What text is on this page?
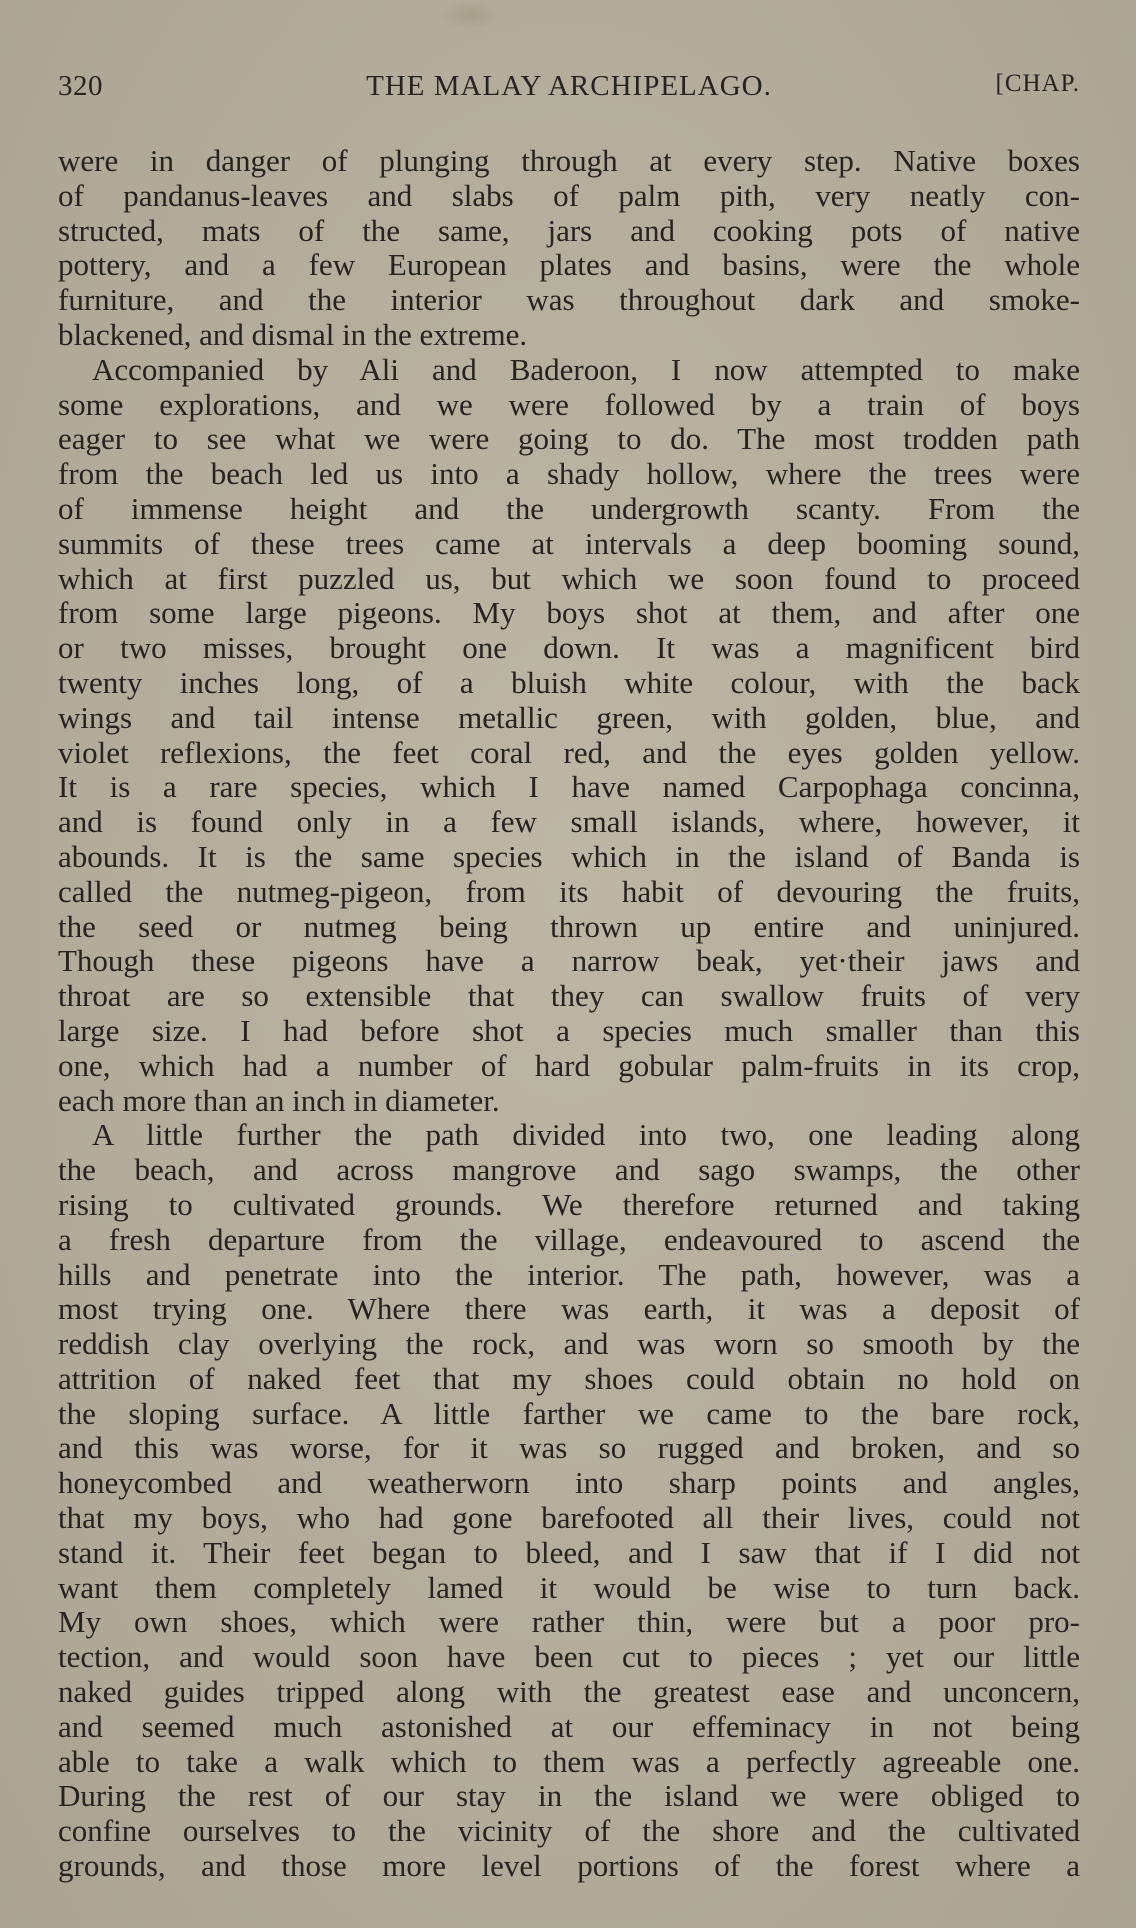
320	THE MALAY ARCHIPELAGO.	[CHAP.
were in danger of plunging through at every step. Native boxes
of pandanus-leaves and slabs of palm pith, very neatly con-
structed, mats of the same, jars and cooking pots of native
pottery, and a few European plates and basins, were the whole
furniture, and the interior was throughout dark and smoke-
blackened, and dismal in the extreme.
Accompanied by Ali and Baderoon, I now attempted to make
some explorations, and we were followed by a train of boys
eager to see what we were going to do. The most trodden path
from the beach led us into a shady hollow, where the trees were
of immense height and the undergrowth scanty. From the
summits of these trees came at intervals a deep booming sound,
which at first puzzled us, but which we soon found to proceed
from some large pigeons. My boys shot at them, and after one
or two misses, brought one down. It was a magnificent bird
twenty inches long, of a bluish white colour, with the back
wings and tail intense metallic green, with golden, blue, and
violet reflexions, the feet coral red, and the eyes golden yellow.
It is a rare species, which I have named Carpophaga concinna,
and is found only in a few small islands, where, however, it
abounds. It is the same species which in the island of Banda is
called the nutmeg-pigeon, from its habit of devouring the fruits,
the seed or nutmeg being thrown up entire and uninjured.
Though these pigeons have a narrow beak, yet·their jaws and
throat are so extensible that they can swallow fruits of very
large size. I had before shot a species much smaller than this
one, which had a number of hard gobular palm-fruits in its crop,
each more than an inch in diameter.
A little further the path divided into two, one leading along
the beach, and across mangrove and sago swamps, the other
rising to cultivated grounds. We therefore returned and taking
a fresh departure from the village, endeavoured to ascend the
hills and penetrate into the interior. The path, however, was a
most trying one. Where there was earth, it was a deposit of
reddish clay overlying the rock, and was worn so smooth by the
attrition of naked feet that my shoes could obtain no hold on
the sloping surface. A little farther we came to the bare rock,
and this was worse, for it was so rugged and broken, and so
honeycombed and weatherworn into sharp points and angles,
that my boys, who had gone barefooted all their lives, could not
stand it. Their feet began to bleed, and I saw that if I did not
want them completely lamed it would be wise to turn back.
My own shoes, which were rather thin, were but a poor pro-
tection, and would soon have been cut to pieces ; yet our little
naked guides tripped along with the greatest ease and unconcern,
and seemed much astonished at our effeminacy in not being
able to take a walk which to them was a perfectly agreeable one.
During the rest of our stay in the island we were obliged to
confine ourselves to the vicinity of the shore and the cultivated
grounds, and those more level portions of the forest where a
